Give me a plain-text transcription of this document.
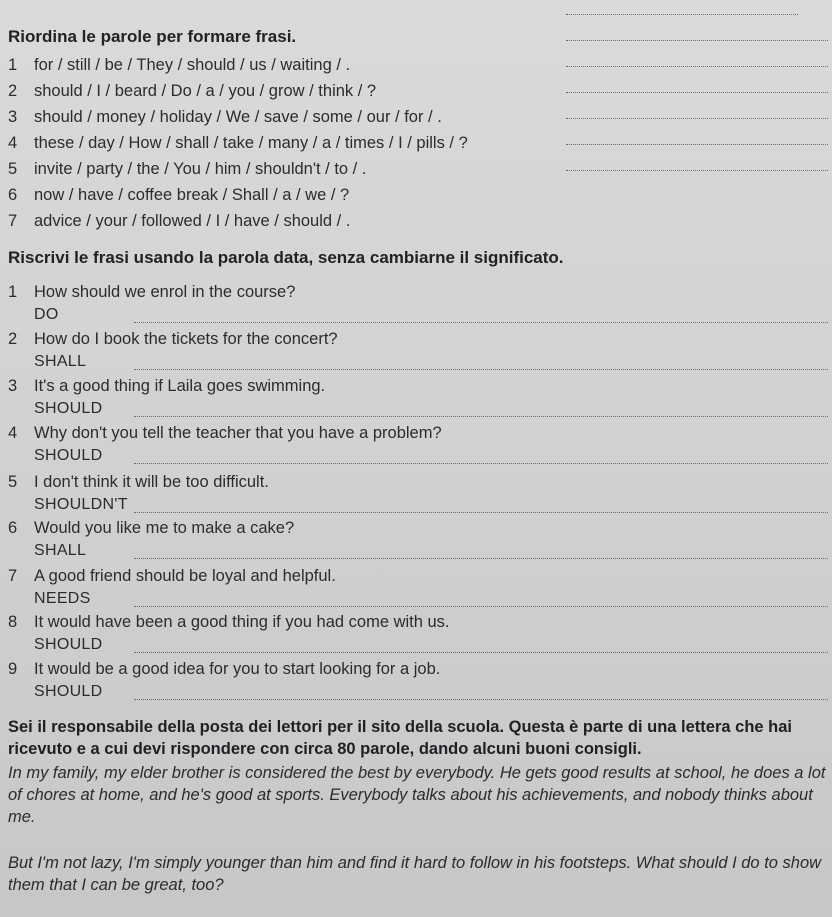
Riordina le parole per formare frasi.
1 for / still / be / They / should / us / waiting / .
2 should / I / beard / Do / a / you / grow / think / ?
3 should / money / holiday / We / save / some / our / for / .
4 these / day / How / shall / take / many / a / times / I / pills / ?
5 invite / party / the / You / him / shouldn't / to / .
6 now / have / coffee break / Shall / a / we / ?
7 advice / your / followed / I / have / should / .
Riscrivi le frasi usando la parola data, senza cambiarne il significato.
1 How should we enrol in the course?
DO
2 How do I book the tickets for the concert?
SHALL
3 It's a good thing if Laila goes swimming.
SHOULD
4 Why don't you tell the teacher that you have a problem?
SHOULD
5 I don't think it will be too difficult.
SHOULDN'T
6 Would you like me to make a cake?
SHALL
7 A good friend should be loyal and helpful.
NEEDS
8 It would have been a good thing if you had come with us.
SHOULD
9 It would be a good idea for you to start looking for a job.
SHOULD
Sei il responsabile della posta dei lettori per il sito della scuola. Questa è parte di una lettera che hai ricevuto e a cui devi rispondere con circa 80 parole, dando alcuni buoni consigli.
In my family, my elder brother is considered the best by everybody. He gets good results at school, he does a lot of chores at home, and he's good at sports. Everybody talks about his achievements, and nobody thinks about me.
But I'm not lazy, I'm simply younger than him and find it hard to follow in his footsteps. What should I do to show them that I can be great, too?
